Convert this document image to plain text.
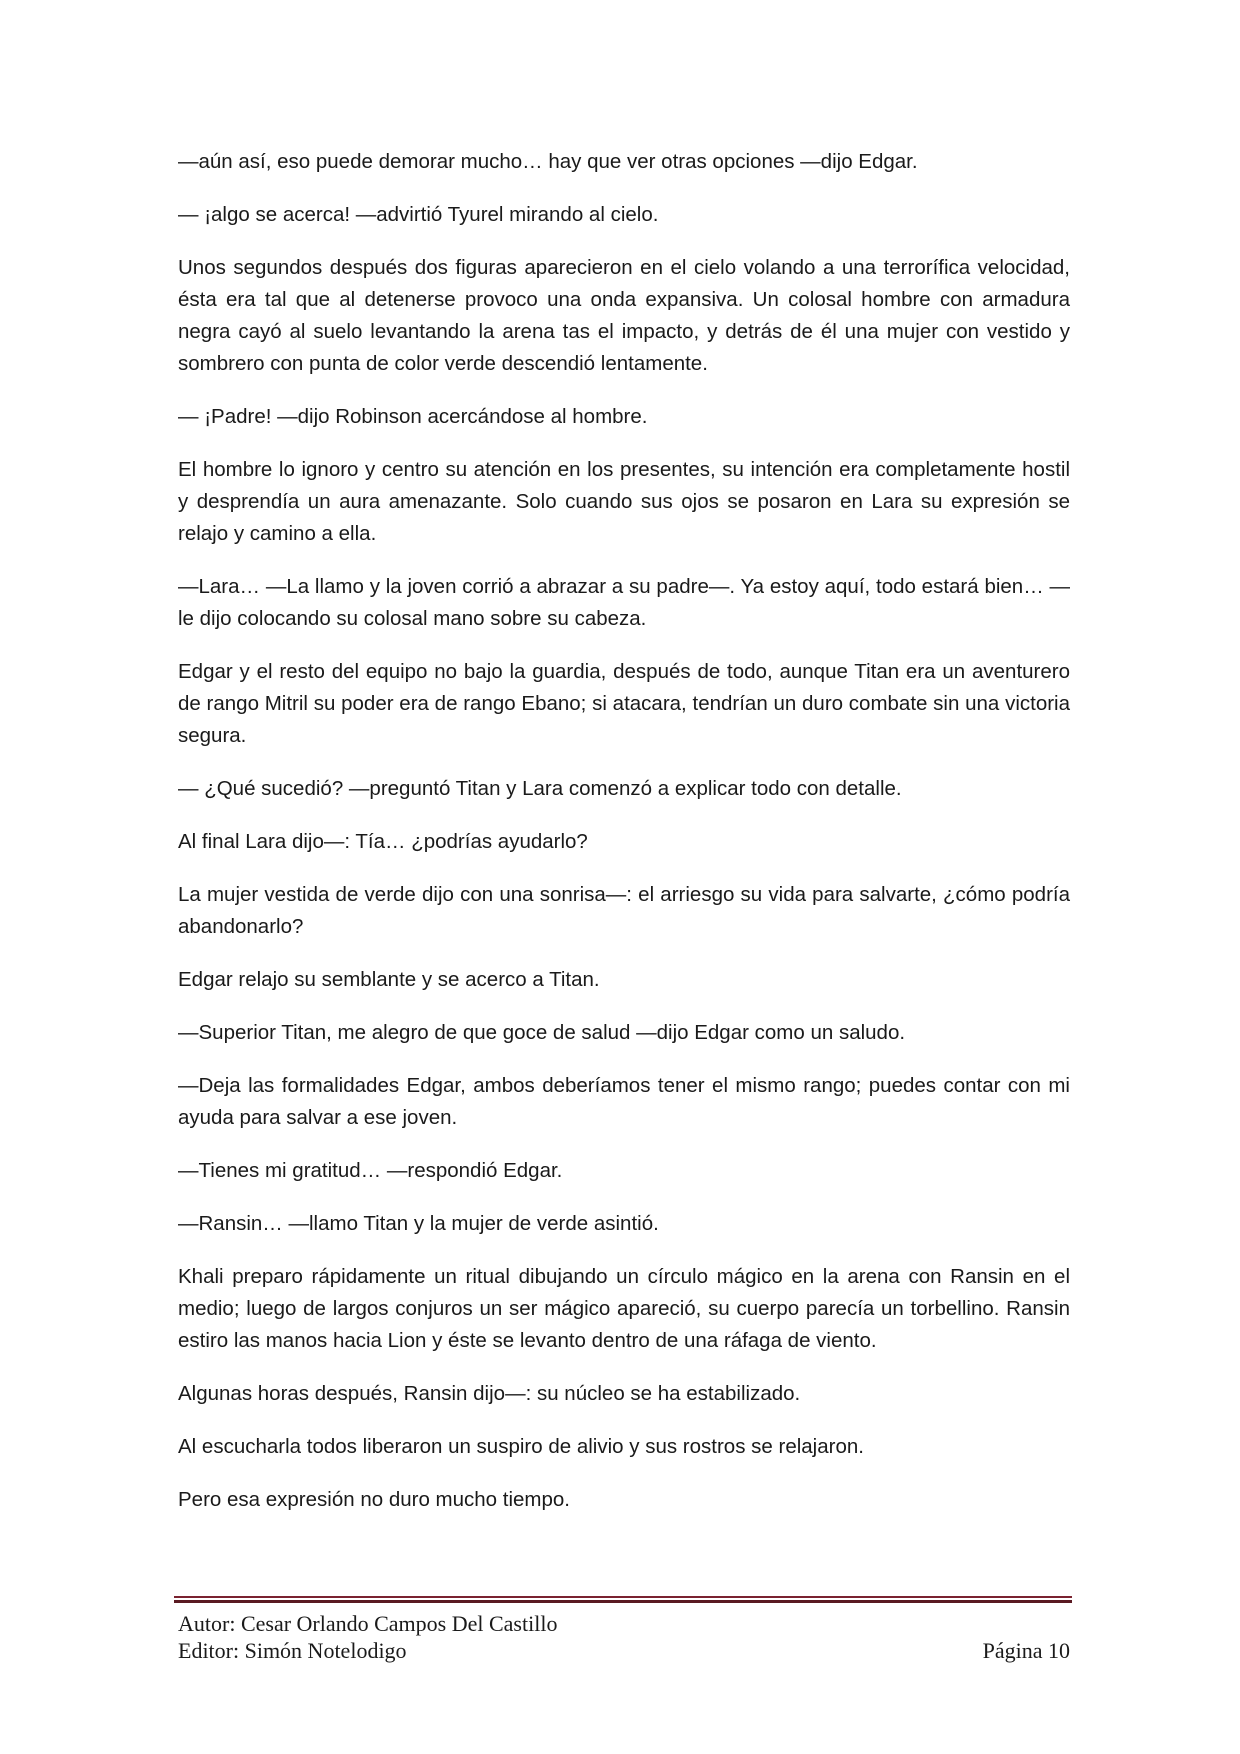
—aún así, eso puede demorar mucho… hay que ver otras opciones —dijo Edgar.

— ¡algo se acerca! —advirtió Tyurel mirando al cielo.

Unos segundos después dos figuras aparecieron en el cielo volando a una terrorífica velocidad, ésta era tal que al detenerse provoco una onda expansiva. Un colosal hombre con armadura negra cayó al suelo levantando la arena tas el impacto, y detrás de él una mujer con vestido y sombrero con punta de color verde descendió lentamente.

— ¡Padre! —dijo Robinson acercándose al hombre.

El hombre lo ignoro y centro su atención en los presentes, su intención era completamente hostil y desprendía un aura amenazante. Solo cuando sus ojos se posaron en Lara su expresión se relajo y camino a ella.

—Lara… —La llamo y la joven corrió a abrazar a su padre—. Ya estoy aquí, todo estará bien… —le dijo colocando su colosal mano sobre su cabeza.

Edgar y el resto del equipo no bajo la guardia, después de todo, aunque Titan era un aventurero de rango Mitril su poder era de rango Ebano; si atacara, tendrían un duro combate sin una victoria segura.

— ¿Qué sucedió? —preguntó Titan y Lara comenzó a explicar todo con detalle.

Al final Lara dijo—: Tía… ¿podrías ayudarlo?

La mujer vestida de verde dijo con una sonrisa—: el arriesgo su vida para salvarte, ¿cómo podría abandonarlo?

Edgar relajo su semblante y se acerco a Titan.

—Superior Titan, me alegro de que goce de salud —dijo Edgar como un saludo.

—Deja las formalidades Edgar, ambos deberíamos tener el mismo rango; puedes contar con mi ayuda para salvar a ese joven.

—Tienes mi gratitud… —respondió Edgar.

—Ransin… —llamo Titan y la mujer de verde asintió.

Khali preparo rápidamente un ritual dibujando un círculo mágico en la arena con Ransin en el medio; luego de largos conjuros un ser mágico apareció, su cuerpo parecía un torbellino. Ransin estiro las manos hacia Lion y éste se levanto dentro de una ráfaga de viento.

Algunas horas después, Ransin dijo—: su núcleo se ha estabilizado.

Al escucharla todos liberaron un suspiro de alivio y sus rostros se relajaron.

Pero esa expresión no duro mucho tiempo.

Autor: Cesar Orlando Campos Del Castillo
Editor: Simón Notelodigo	Página 10
